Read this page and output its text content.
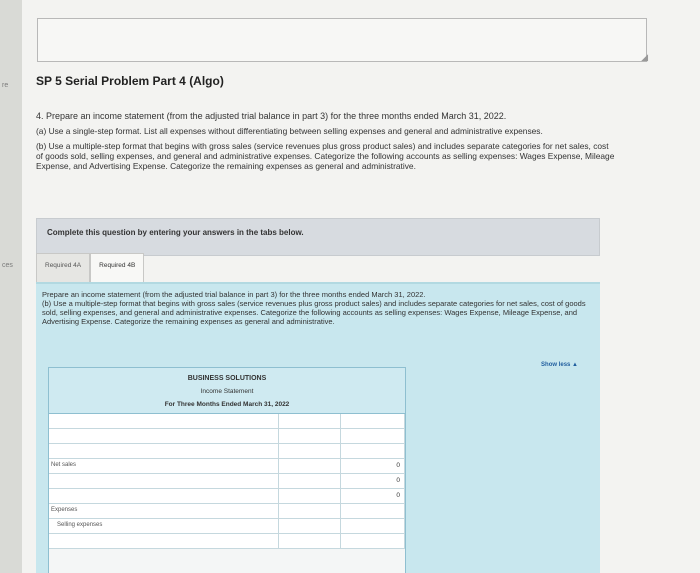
re
ces
◢
SP 5 Serial Problem Part 4 (Algo)

4. Prepare an income statement (from the adjusted trial balance in part 3) for the three months ended March 31, 2022.

(a) Use a single-step format. List all expenses without differentiating between selling expenses and general and administrative expenses.

(b) Use a multiple-step format that begins with gross sales (service revenues plus gross product sales) and includes separate categories for net sales, cost of goods sold, selling expenses, and general and administrative expenses. Categorize the following accounts as selling expenses: Wages Expense, Mileage Expense, and Advertising Expense. Categorize the remaining expenses as general and administrative.

Complete this question by entering your answers in the tabs below.
Required 4A	Required 4B
Prepare an income statement (from the adjusted trial balance in part 3) for the three months ended March 31, 2022.
(b) Use a multiple-step format that begins with gross sales (service revenues plus gross product sales) and includes separate categories for net sales, cost of goods sold, selling expenses, and general and administrative expenses. Categorize the following accounts as selling expenses: Wages Expense, Mileage Expense, and Advertising Expense. Categorize the remaining expenses as general and administrative.
Show less ▲
BUSINESS SOLUTIONS
Income Statement
For Three Months Ended March 31, 2022
Net sales	0
0
0
Expenses
Selling expenses
